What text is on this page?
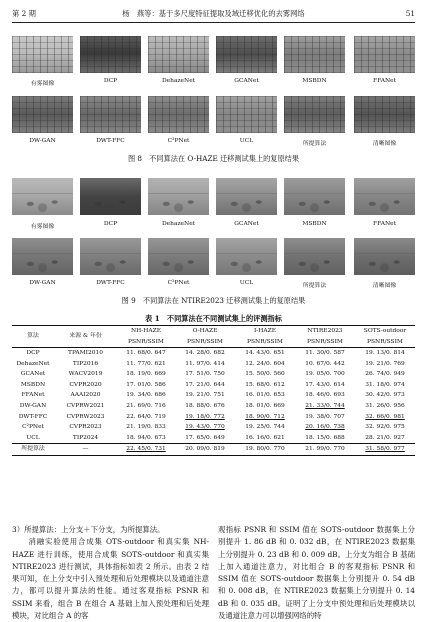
第 2 期	杨　燕等：基于多尺度特征提取及域迁移优化的去雾网络	51
有雾图像	DCP	DehazeNet	GCANet	MSBDN	FFANet
DW-GAN	DWT-FFC	C²PNet	UCL	所提算法	清晰图像
图 8　不同算法在 O-HAZE 迁移测试集上的复原结果
有雾图像	DCP	DehazeNet	GCANet	MSBDN	FFANet
DW-GAN	DWT-FFC	C²PNet	UCL	所提算法	清晰图像
图 9　不同算法在 NTIRE2023 迁移测试集上的复原结果
表 1　不同算法在不同测试集上的评测指标
算法	来源 & 年份	NH-HAZE	O-HAZE	I-HAZE	NTIRE2023	SOTS-outdoor
		PSNR/SSIM	PSNR/SSIM	PSNR/SSIM	PSNR/SSIM	PSNR/SSIM
DCP	TPAMI2010	11. 68/0. 647	14. 28/0. 682	14. 43/0. 651	11. 30/0. 587	19. 13/0. 814
DehazeNet	TIP2016	11. 77/0. 621	11. 97/0. 414	12. 24/0. 604	10. 67/0. 442	19. 21/0. 769
GCANet	WACV2019	18. 19/0. 669	17. 51/0. 750	15. 50/0. 560	19. 05/0. 700	26. 74/0. 949
MSBDN	CVPR2020	17. 01/0. 586	17. 21/0. 644	15. 68/0. 612	17. 43/0. 614	31. 18/0. 974
FFANet	AAAI2020	19. 34/0. 686	19. 21/0. 751	16. 01/0. 653	18. 46/0. 693	30. 42/0. 973
DW-GAN	CVPRW2021	21. 69/0. 716	18. 88/0. 676	18. 01/0. 669	21. 33/0. 744	31. 26/0. 956
DWT-FFC	CVPRW2023	22. 64/0. 719	19. 18/0. 772	18. 90/0. 712	19. 38/0. 707	32. 66/0. 981
C²PNet	CVPR2023	21. 19/0. 833	19. 43/0. 770	19. 25/0. 744	20. 16/0. 738	32. 92/0. 975
UCL	TIP2024	18. 94/0. 673	17. 65/0. 649	16. 16/0. 621	18. 15/0. 688	28. 21/0. 927
所提算法	—	22. 45/0. 731	20. 09/0. 819	19. 80/0. 770	21. 99/0. 770	31. 58/0. 977

3）所提算法：上分支＋下分支，为所提算法。

　　消融实验使用合成集 OTS-outdoor 和真实集 NH-HAZE 进行训练，使用合成集 SOTS-outdoor 和真实集 NTIRE2023 进行测试，具体指标如表 2 所示。由表 2 结果可知，在上分支中引入预处理和后处理模块以及通道注意力，都可以提升算法的性能。通过客观指标 PSNR 和 SSIM 来看，组合 B 在组合 A 基础上加入预处理和后处理模块，对比组合 A 的客

观指标 PSNR 和 SSIM 值在 SOTS-outdoor 数据集上分别提升 1. 86 dB 和 0. 032 dB，在 NTIRE2023 数据集上分别提升 0. 23 dB 和 0. 009 dB。上分支为组合 B 基础上加入通道注意力，对比组合 B 的客观指标 PSNR 和 SSIM 值在 SOTS-outdoor 数据集上分别提升 0. 54 dB 和 0. 008 dB，在 NTIRE2023 数据集上分别提升 0. 14 dB 和 0. 035 dB。证明了上分支中预处理和后处理模块以及通道注意力可以增强网络的特
